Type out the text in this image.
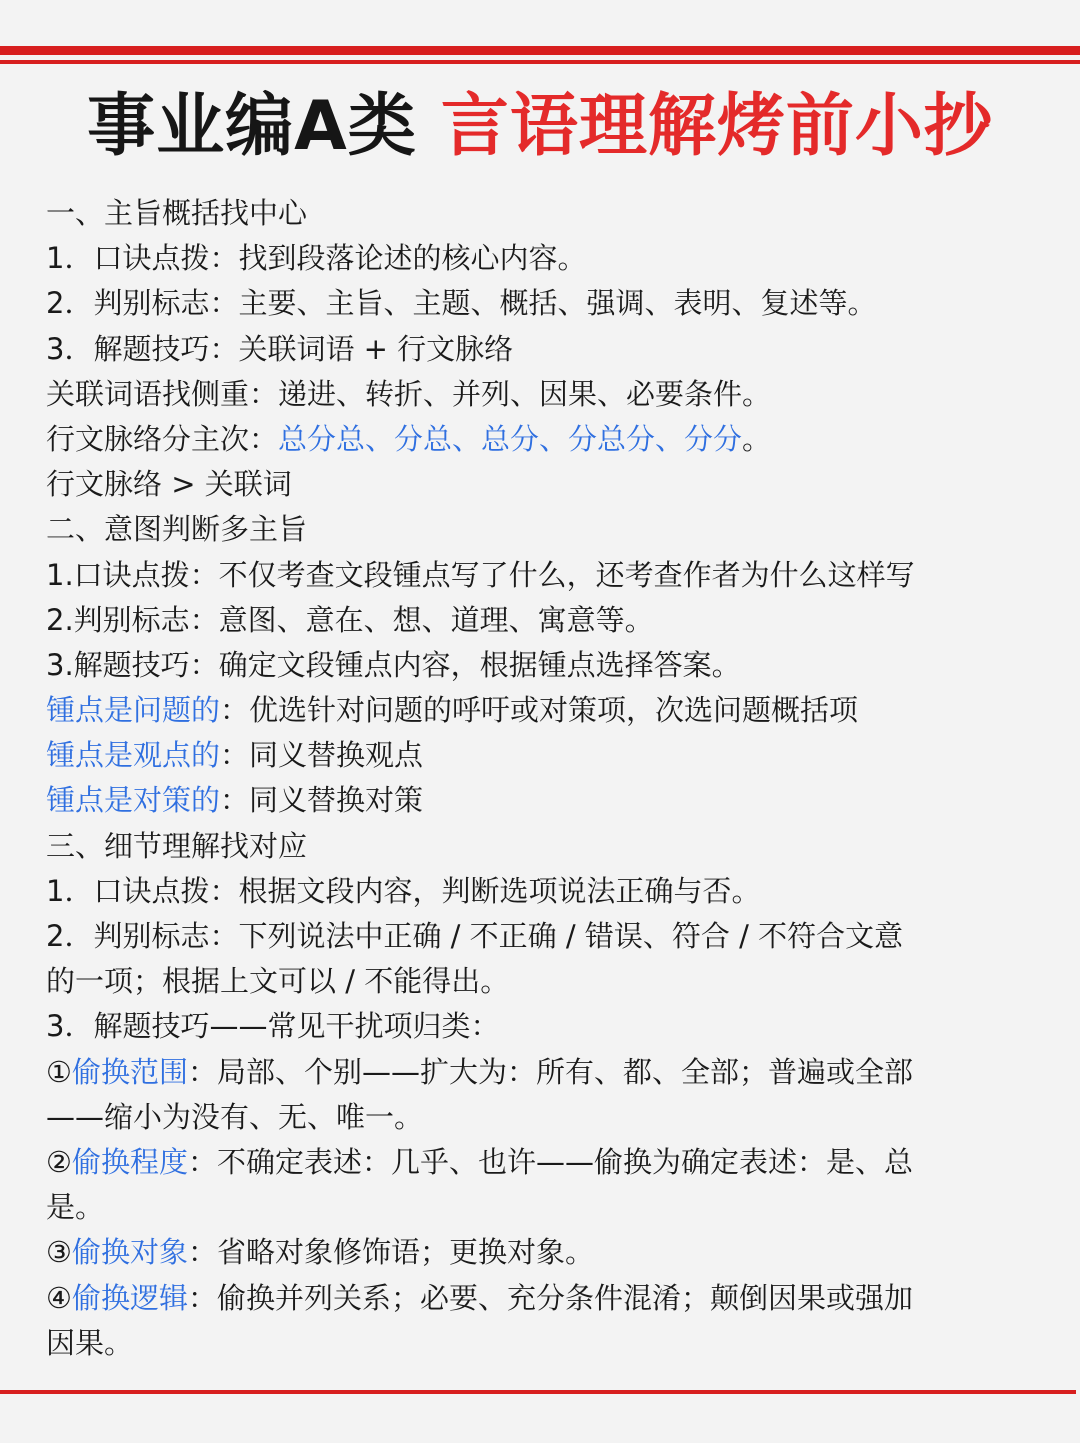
事业编A类 言语理解烤前小抄
一、主旨概括找中心
1．口诀点拨：找到段落论述的核心内容。
2．判别标志：主要、主旨、主题、概括、强调、表明、复述等。
3．解题技巧：关联词语 + 行文脉络
关联词语找侧重：递进、转折、并列、因果、必要条件。
行文脉络分主次：总分总、分总、总分、分总分、分分。
行文脉络 > 关联词
二、意图判断多主旨
1.口诀点拨：不仅考查文段锺点写了什么，还考查作者为什么这样写
2.判别标志：意图、意在、想、道理、寓意等。
3.解题技巧：确定文段锺点内容，根据锺点选择答案。
锺点是问题的：优选针对问题的呼吁或对策项，次选问题概括项
锺点是观点的：同义替换观点
锺点是对策的：同义替换对策
三、细节理解找对应
1．口诀点拨：根据文段内容，判断选项说法正确与否。
2．判别标志：下列说法中正确 / 不正确 / 错误、符合 / 不符合文意
的一项；根据上文可以 / 不能得出。
3．解题技巧——常见干扰项归类：
①偷换范围：局部、个别——扩大为：所有、都、全部；普遍或全部
——缩小为没有、无、唯一。
②偷换程度：不确定表述：几乎、也许——偷换为确定表述：是、总
是。
③偷换对象：省略对象修饰语；更换对象。
④偷换逻辑：偷换并列关系；必要、充分条件混淆；颠倒因果或强加
因果。
